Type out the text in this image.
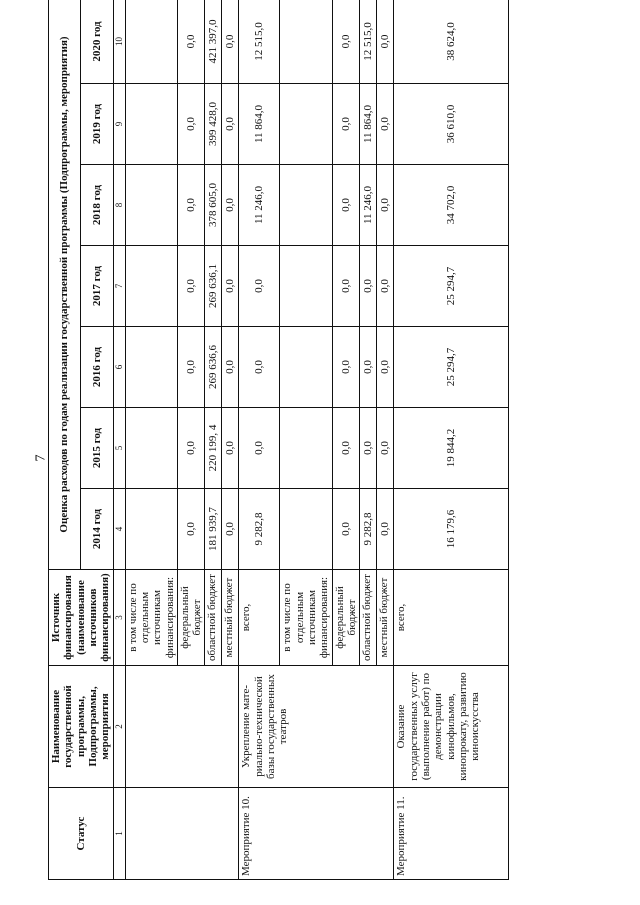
7
Статус	Наименование государственной программы, Подпрограммы, мероприятия	Источник финансирования (наименование источников финансирования)	Оценка расходов по годам реализации государственной программы (Подпрограммы, мероприятия)						
			2014 год	2015 год	2016 год	2017 год	2018 год	2019 год	2020 год
1	2	3	4	5	6	7	8	9	10
		в том числе по отдельным источникам финансирования:							
		федеральный бюджет	0,0	0,0	0,0	0,0	0,0	0,0	0,0
		областной бюджет	181 939,7	220 199, 4	269 636,6	269 636,1	378 605,0	399 428,0	421 397,0
		местный бюджет	0,0	0,0	0,0	0,0	0,0	0,0	0,0
Мероприятие 10.	Укрепление мате-риально-технической базы государственных театров	всего,	9 282,8	0,0	0,0	0,0	11 246,0	11 864,0	12 515,0
		в том числе по отдельным источникам финансирования:							
		федеральный бюджет	0,0	0,0	0,0	0,0	0,0	0,0	0,0
		областной бюджет	9 282,8	0,0	0,0	0,0	11 246,0	11 864,0	12 515,0
		местный бюджет	0,0	0,0	0,0	0,0	0,0	0,0	0,0
Мероприятие 11.	Оказание государственных услуг (выполнение работ) по демонстрации кинофильмов, кинопрокату, развитию киноискусства	всего,	16 179,6	19 844,2	25 294,7	25 294,7	34 702,0	36 610,0	38 624,0
